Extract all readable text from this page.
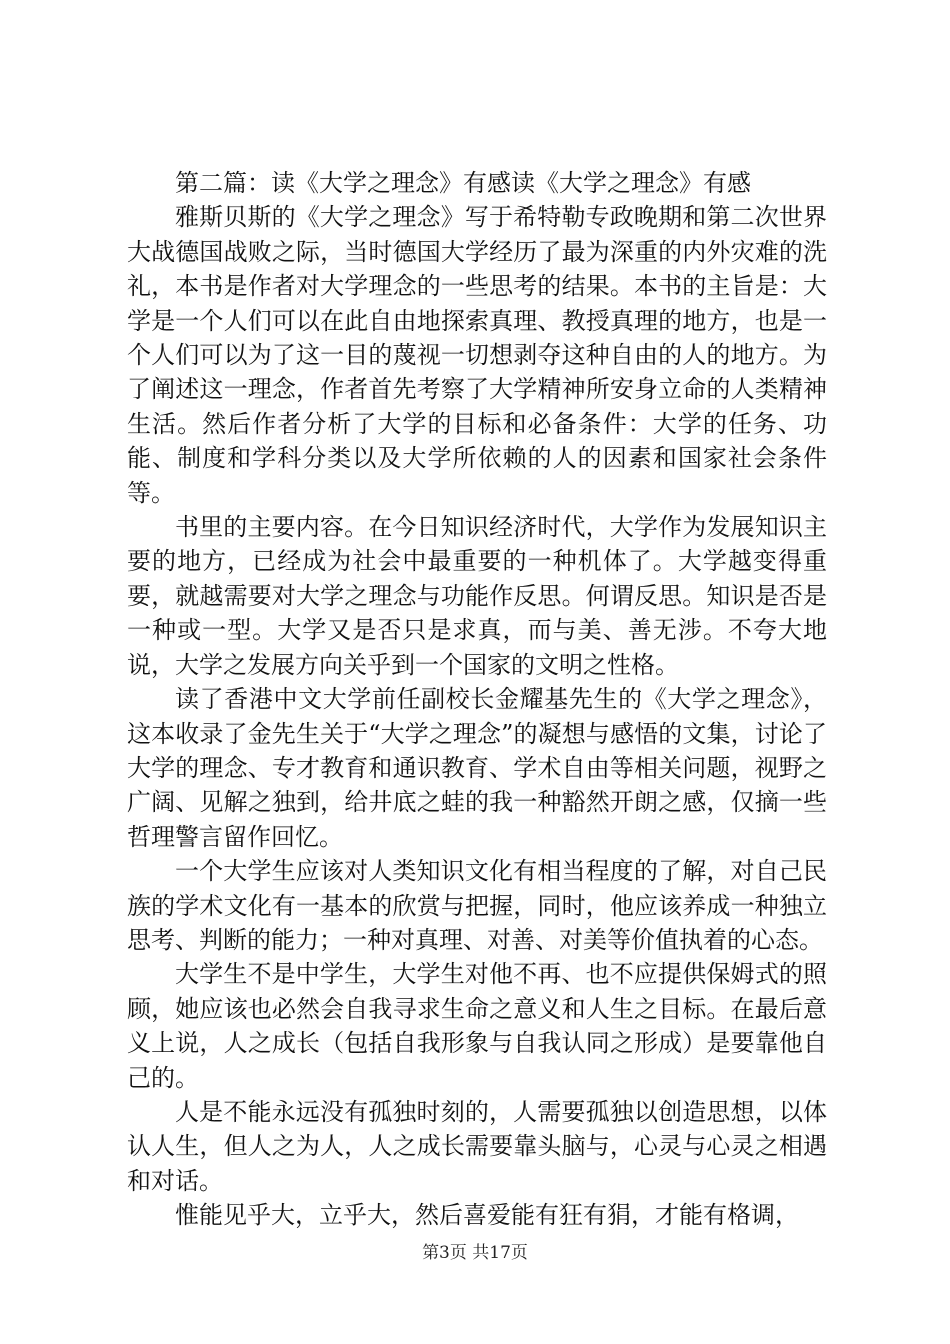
第二篇：读《大学之理念》有感读《大学之理念》有感

雅斯贝斯的《大学之理念》写于希特勒专政晚期和第二次世界大战德国战败之际，当时德国大学经历了最为深重的内外灾难的洗礼，本书是作者对大学理念的一些思考的结果。本书的主旨是：大学是一个人们可以在此自由地探索真理、教授真理的地方，也是一个人们可以为了这一目的蔑视一切想剥夺这种自由的人的地方。为了阐述这一理念，作者首先考察了大学精神所安身立命的人类精神生活。然后作者分析了大学的目标和必备条件：大学的任务、功能、制度和学科分类以及大学所依赖的人的因素和国家社会条件等。

书里的主要内容。在今日知识经济时代，大学作为发展知识主要的地方，已经成为社会中最重要的一种机体了。大学越变得重要，就越需要对大学之理念与功能作反思。何谓反思。知识是否是一种或一型。大学又是否只是求真，而与美、善无涉。不夸大地说，大学之发展方向关乎到一个国家的文明之性格。

读了香港中文大学前任副校长金耀基先生的《大学之理念》，这本收录了金先生关于“大学之理念”的凝想与感悟的文集，讨论了大学的理念、专才教育和通识教育、学术自由等相关问题，视野之广阔、见解之独到，给井底之蛙的我一种豁然开朗之感，仅摘一些哲理警言留作回忆。

一个大学生应该对人类知识文化有相当程度的了解，对自己民族的学术文化有一基本的欣赏与把握，同时，他应该养成一种独立思考、判断的能力；一种对真理、对善、对美等价值执着的心态。

大学生不是中学生，大学生对他不再、也不应提供保姆式的照顾，她应该也必然会自我寻求生命之意义和人生之目标。在最后意义上说，人之成长（包括自我形象与自我认同之形成）是要靠他自己的。

人是不能永远没有孤独时刻的，人需要孤独以创造思想，以体认人生，但人之为人，人之成长需要靠头脑与，心灵与心灵之相遇和对话。

惟能见乎大，立乎大，然后喜爱能有狂有狷，才能有格调，

第3页 共17页
